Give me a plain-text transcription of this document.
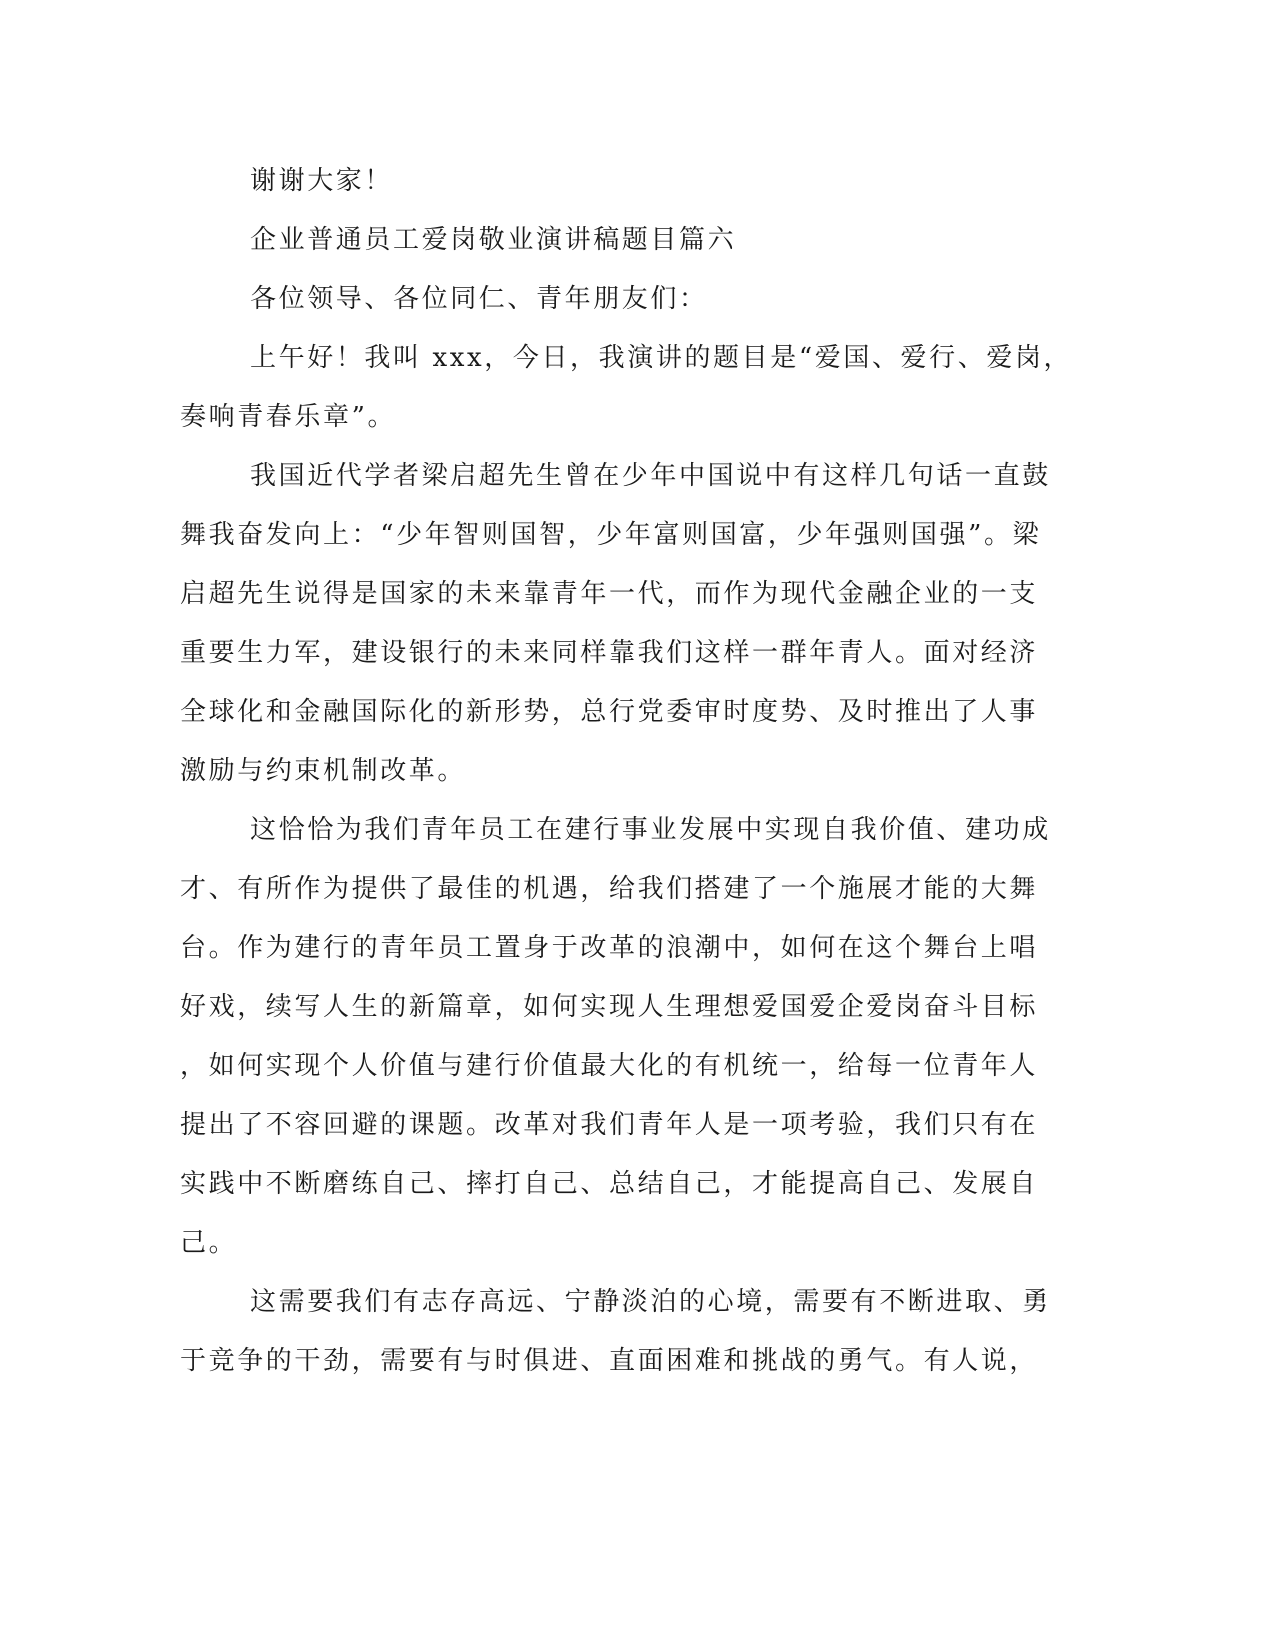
谢谢大家！
企业普通员工爱岗敬业演讲稿题目篇六
各位领导、各位同仁、青年朋友们：
上午好！我叫 xxx，今日，我演讲的题目是“爱国、爱行、爱岗，
奏响青春乐章”。
我国近代学者梁启超先生曾在少年中国说中有这样几句话一直鼓
舞我奋发向上：“少年智则国智，少年富则国富，少年强则国强”。梁
启超先生说得是国家的未来靠青年一代，而作为现代金融企业的一支
重要生力军，建设银行的未来同样靠我们这样一群年青人。面对经济
全球化和金融国际化的新形势，总行党委审时度势、及时推出了人事
激励与约束机制改革。
这恰恰为我们青年员工在建行事业发展中实现自我价值、建功成
才、有所作为提供了最佳的机遇，给我们搭建了一个施展才能的大舞
台。作为建行的青年员工置身于改革的浪潮中，如何在这个舞台上唱
好戏，续写人生的新篇章，如何实现人生理想爱国爱企爱岗奋斗目标
，如何实现个人价值与建行价值最大化的有机统一，给每一位青年人
提出了不容回避的课题。改革对我们青年人是一项考验，我们只有在
实践中不断磨练自己、摔打自己、总结自己，才能提高自己、发展自
己。
这需要我们有志存高远、宁静淡泊的心境，需要有不断进取、勇
于竞争的干劲，需要有与时俱进、直面困难和挑战的勇气。有人说，
